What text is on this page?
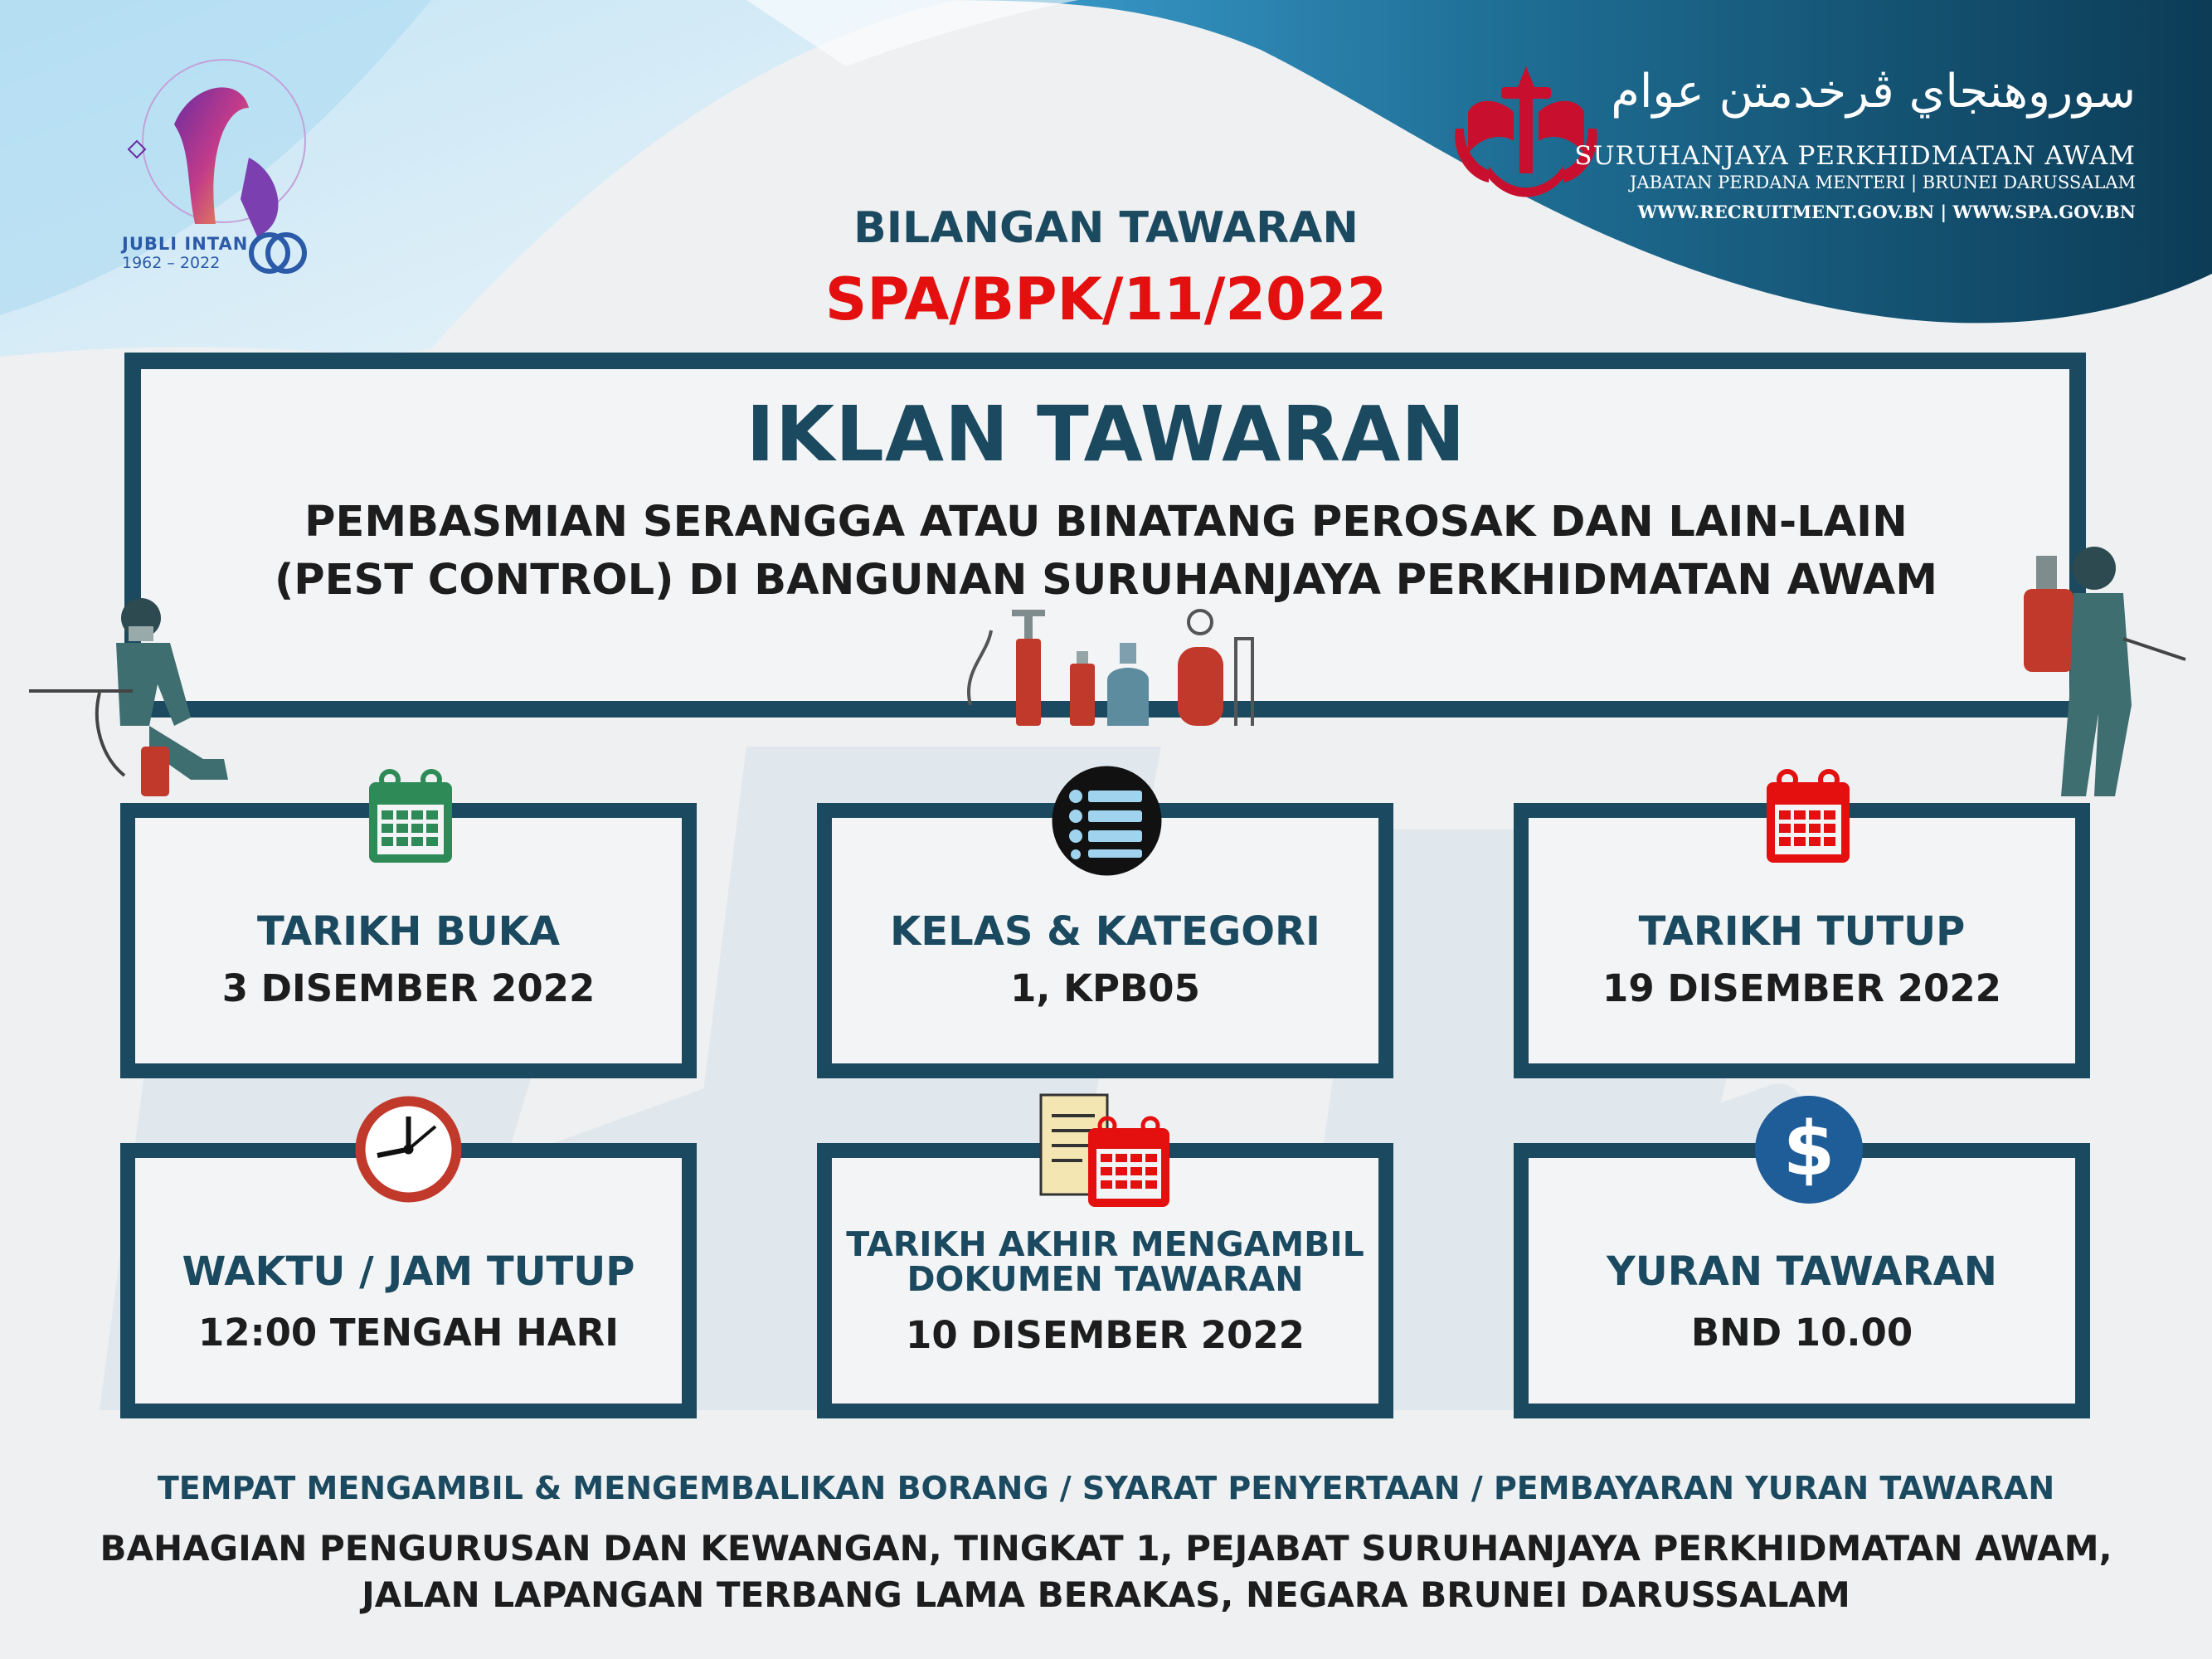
JUBLI INTAN
1962 – 2022
سوروهنجاي ڤرخدمتن عوام
SURUHANJAYA PERKHIDMATAN AWAM
JABATAN PERDANA MENTERI | BRUNEI DARUSSALAM
WWW.RECRUITMENT.GOV.BN | WWW.SPA.GOV.BN
BILANGAN TAWARAN
SPA/BPK/11/2022
IKLAN TAWARAN
PEMBASMIAN SERANGGA ATAU BINATANG PEROSAK DAN LAIN-LAIN
(PEST CONTROL) DI BANGUNAN SURUHANJAYA PERKHIDMATAN AWAM
TARIKH BUKA
3 DISEMBER 2022
KELAS & KATEGORI
1, KPB05
TARIKH TUTUP
19 DISEMBER 2022
WAKTU / JAM TUTUP
12:00 TENGAH HARI
TARIKH AKHIR MENGAMBIL
DOKUMEN TAWARAN
10 DISEMBER 2022
$
YURAN TAWARAN
BND 10.00
TEMPAT MENGAMBIL & MENGEMBALIKAN BORANG / SYARAT PENYERTAAN / PEMBAYARAN YURAN TAWARAN
BAHAGIAN PENGURUSAN DAN KEWANGAN, TINGKAT 1, PEJABAT SURUHANJAYA PERKHIDMATAN AWAM,
JALAN LAPANGAN TERBANG LAMA BERAKAS, NEGARA BRUNEI DARUSSALAM
